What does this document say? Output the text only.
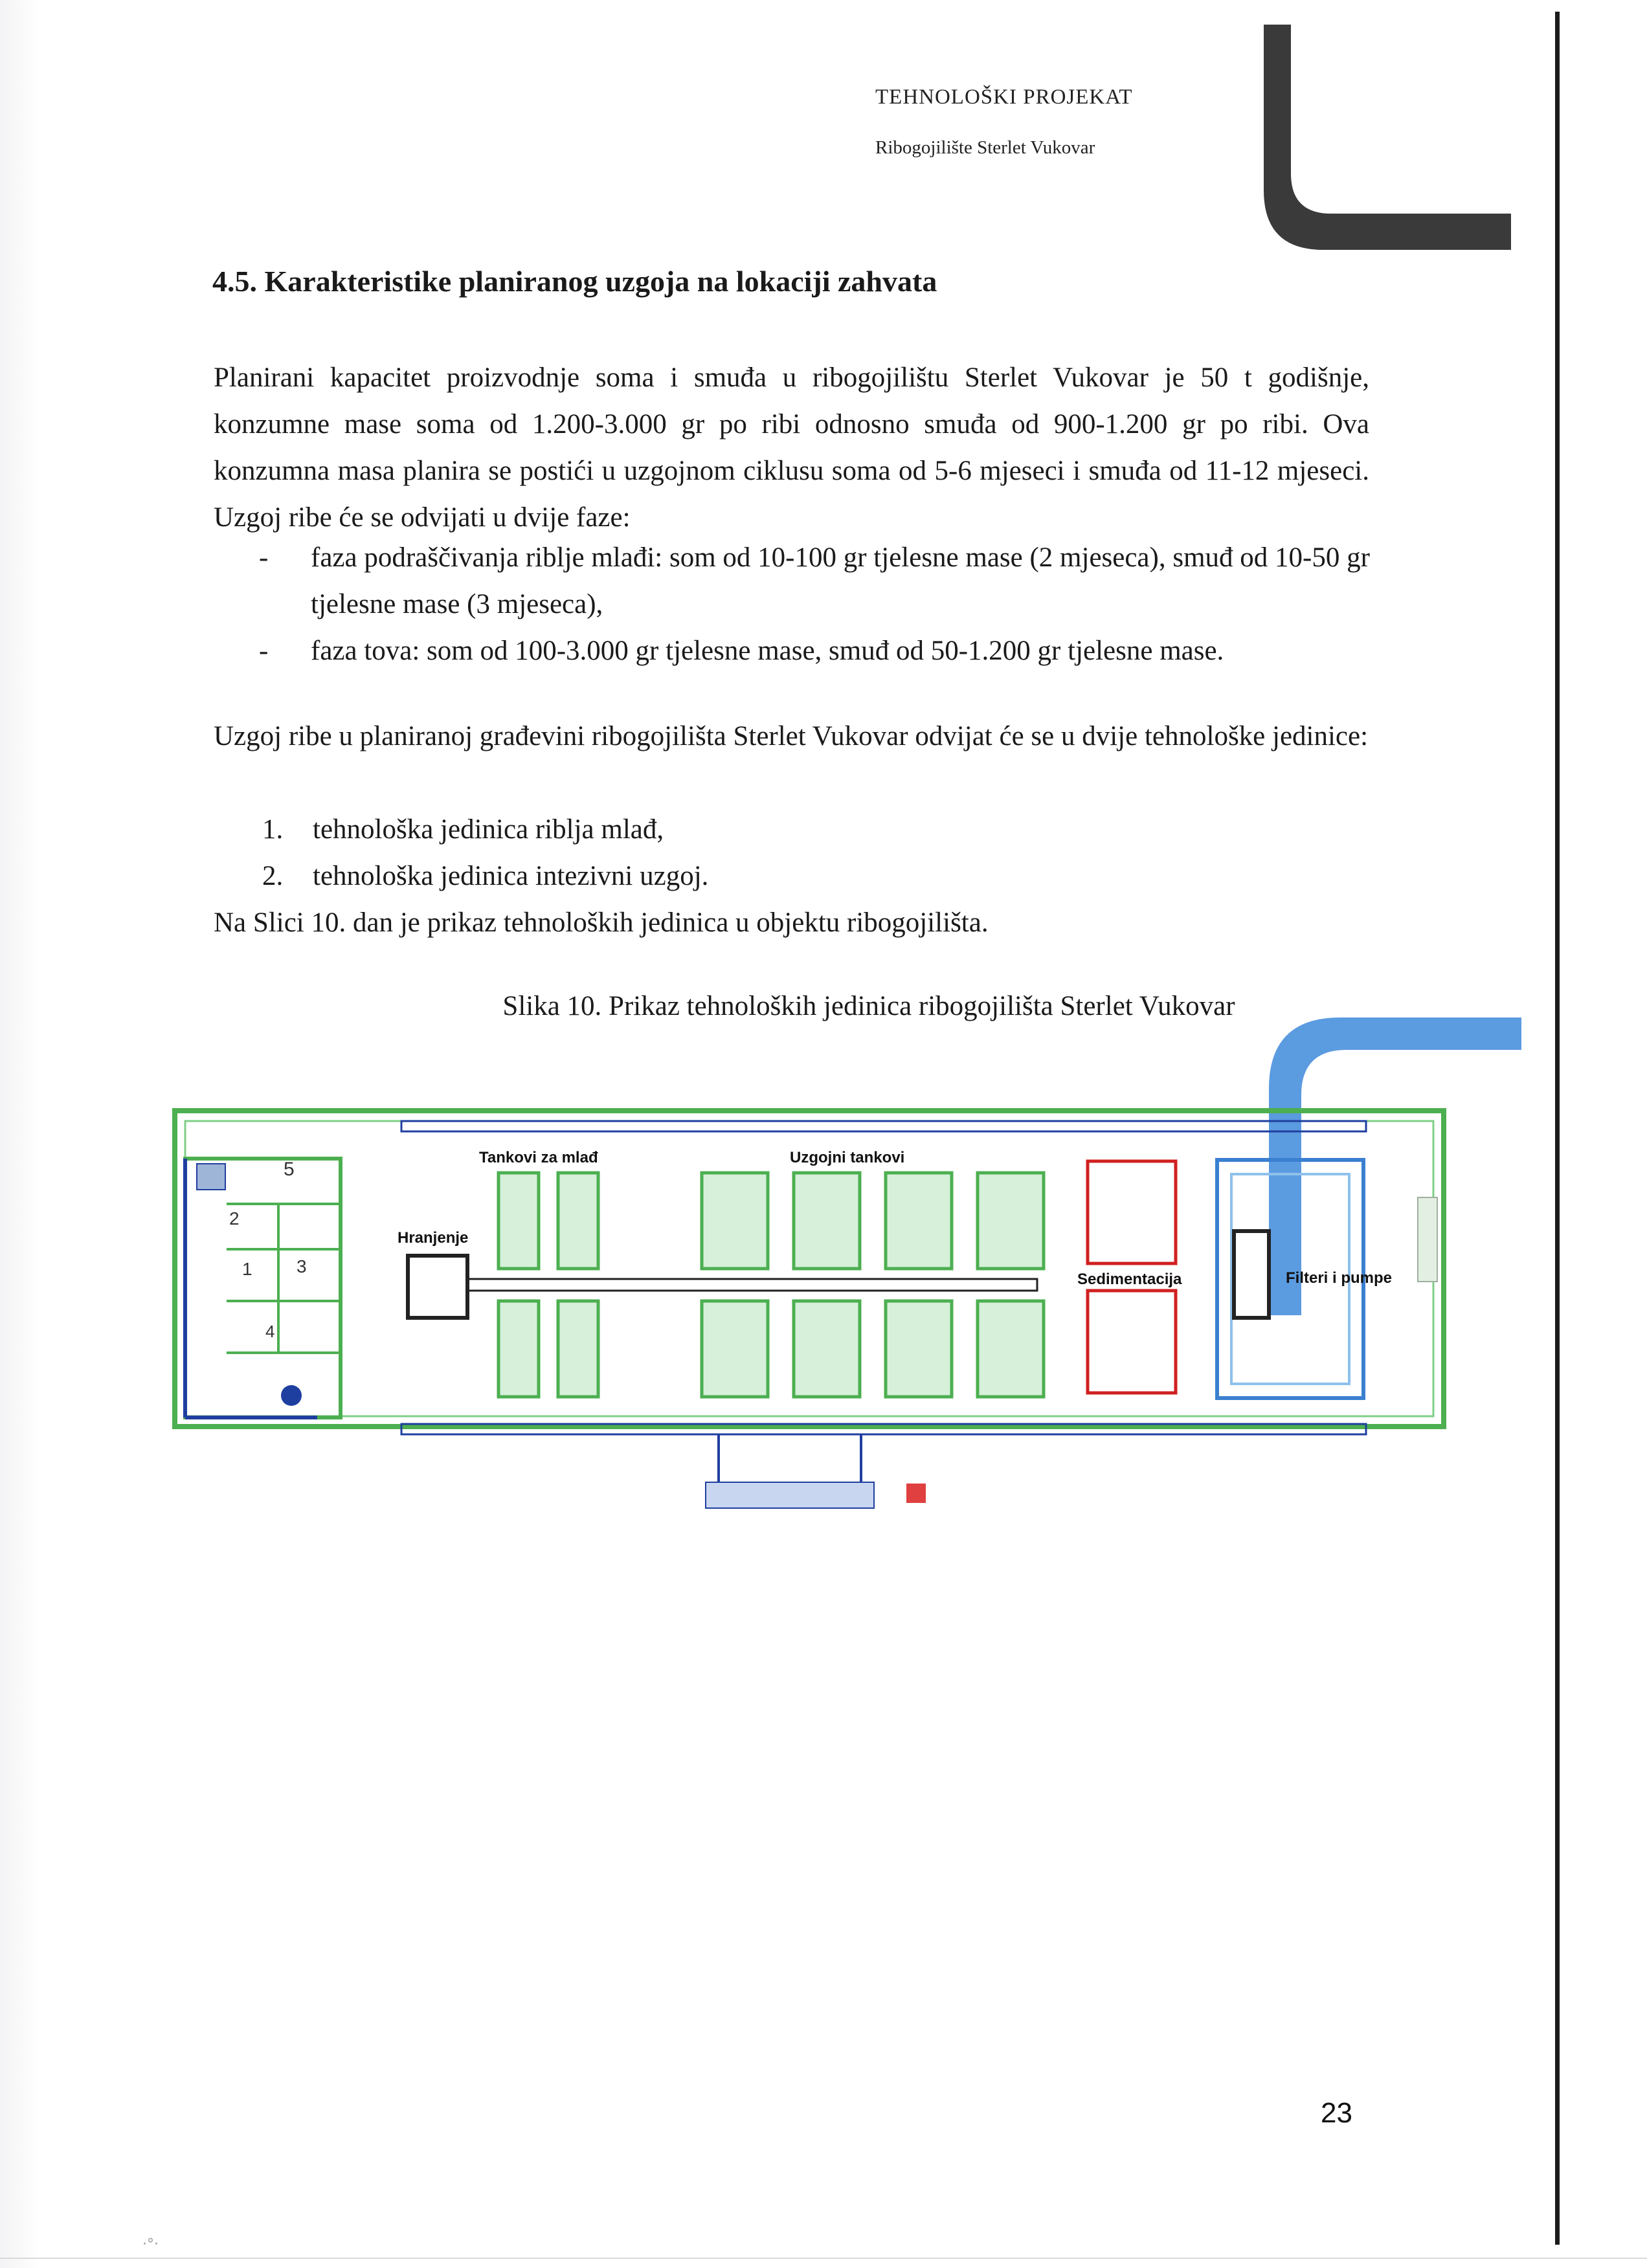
TEHNOLOŠKI PROJEKAT
Ribogojilište Sterlet Vukovar
4.5. Karakteristike planiranog uzgoja na lokaciji zahvata
Planirani kapacitet proizvodnje soma i smuđa u ribogojilištu Sterlet Vukovar je 50 t godišnje, konzumne mase soma od 1.200-3.000 gr po ribi odnosno smuđa od 900-1.200 gr po ribi. Ova konzumna masa planira se postići u uzgojnom ciklusu soma od 5-6 mjeseci i smuđa od 11-12 mjeseci. Uzgoj ribe će se odvijati u dvije faze:
- faza podraščivanja riblje mlađi: som od 10-100 gr tjelesne mase (2 mjeseca), smuđ od 10-50 gr tjelesne mase (3 mjeseca),
- faza tova: som od 100-3.000 gr tjelesne mase, smuđ od 50-1.200 gr tjelesne mase.
Uzgoj ribe u planiranoj građevini ribogojilišta Sterlet Vukovar odvijat će se u dvije tehnološke jedinice:
1. tehnološka jedinica riblja mlađ,
2. tehnološka jedinica intezivni uzgoj.
Na Slici 10. dan je prikaz tehnoloških jedinica u objektu ribogojilišta.
Slika 10. Prikaz tehnoloških jedinica ribogojilišta Sterlet Vukovar
5
2
1 3
4
Hranjenje
Tankovi za mlađ	Uzgojni tankovi
Sedimentacija	Filteri i pumpe
23
·°·
